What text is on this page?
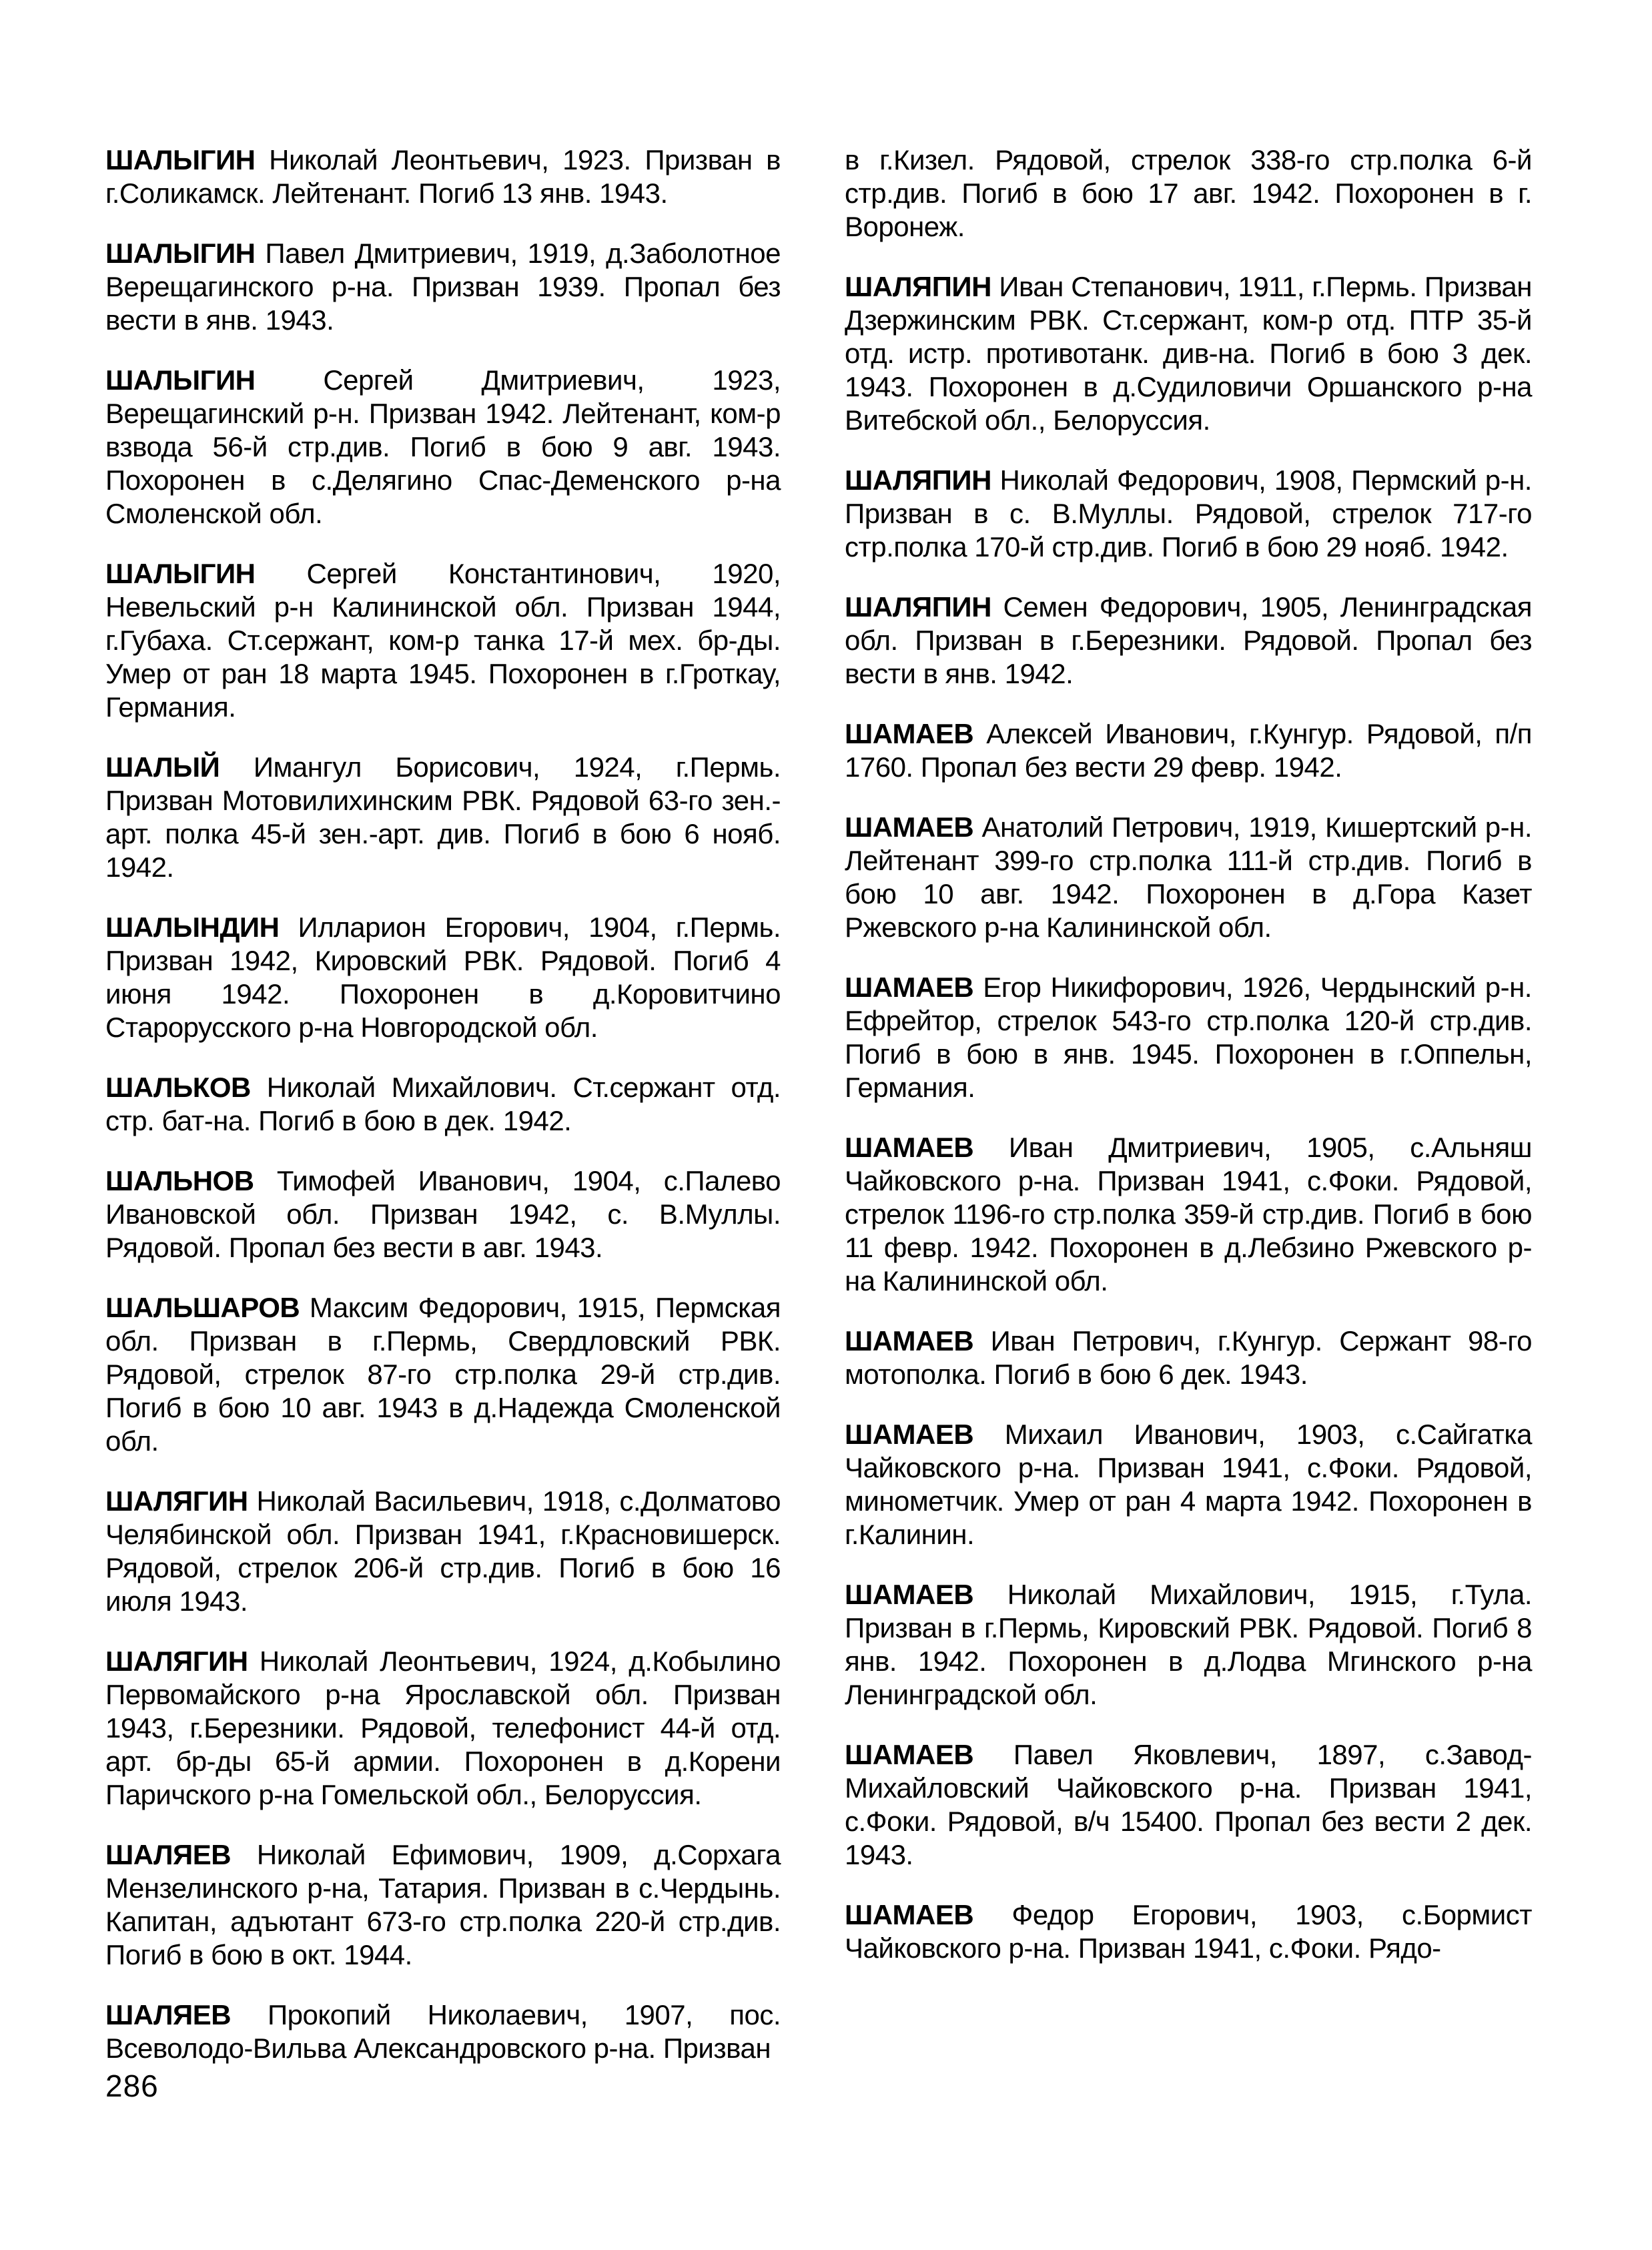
ШАЛЫГИН Николай Леонтьевич, 1923. Призван в г.Соликамск. Лейтенант. Погиб 13 янв. 1943.

ШАЛЫГИН Павел Дмитриевич, 1919, д.Заболотное Верещагинского р-на. Призван 1939. Пропал без вести в янв. 1943.

ШАЛЫГИН Сергей Дмитриевич, 1923, Верещагинский р-н. Призван 1942. Лейтенант, ком-р взвода 56-й стр.див. Погиб в бою 9 авг. 1943. Похоронен в с.Делягино Спас-Деменского р-на Смоленской обл.

ШАЛЫГИН Сергей Константинович, 1920, Невельский р-н Калининской обл. Призван 1944, г.Губаха. Ст.сержант, ком-р танка 17-й мех. бр-ды. Умер от ран 18 марта 1945. Похоронен в г.Гроткау, Германия.

ШАЛЫЙ Имангул Борисович, 1924, г.Пермь. Призван Мотовилихинским РВК. Рядовой 63-го зен.-арт. полка 45-й зен.-арт. див. Погиб в бою 6 нояб. 1942.

ШАЛЫНДИН Илларион Егорович, 1904, г.Пермь. Призван 1942, Кировский РВК. Рядовой. Погиб 4 июня 1942. Похоронен в д.Коровитчино Старорусского р-на Новгородской обл.

ШАЛЬКОВ Николай Михайлович. Ст.сержант отд. стр. бат-на. Погиб в бою в дек. 1942.

ШАЛЬНОВ Тимофей Иванович, 1904, с.Палево Ивановской обл. Призван 1942, с. В.Муллы. Рядовой. Пропал без вести в авг. 1943.

ШАЛЬШАРОВ Максим Федорович, 1915, Пермская обл. Призван в г.Пермь, Свердловский РВК. Рядовой, стрелок 87-го стр.полка 29-й стр.див. Погиб в бою 10 авг. 1943 в д.Надежда Смоленской обл.

ШАЛЯГИН Николай Васильевич, 1918, с.Долматово Челябинской обл. Призван 1941, г.Красновишерск. Рядовой, стрелок 206-й стр.див. Погиб в бою 16 июля 1943.

ШАЛЯГИН Николай Леонтьевич, 1924, д.Кобылино Первомайского р-на Ярославской обл. Призван 1943, г.Березники. Рядовой, телефонист 44-й отд. арт. бр-ды 65-й армии. Похоронен в д.Корени Паричского р-на Гомельской обл., Белоруссия.

ШАЛЯЕВ Николай Ефимович, 1909, д.Сорхага Мензелинского р-на, Татария. Призван в с.Чердынь. Капитан, адъютант 673-го стр.полка 220-й стр.див. Погиб в бою в окт. 1944.

ШАЛЯЕВ Прокопий Николаевич, 1907, пос. Всеволодо-Вильва Александровского р-на. Призван

в г.Кизел. Рядовой, стрелок 338-го стр.полка 6-й стр.див. Погиб в бою 17 авг. 1942. Похоронен в г. Воронеж.

ШАЛЯПИН Иван Степанович, 1911, г.Пермь. Призван Дзержинским РВК. Ст.сержант, ком-р отд. ПТР 35-й отд. истр. противотанк. див-на. Погиб в бою 3 дек. 1943. Похоронен в д.Судиловичи Оршанского р-на Витебской обл., Белоруссия.

ШАЛЯПИН Николай Федорович, 1908, Пермский р-н. Призван в с. В.Муллы. Рядовой, стрелок 717-го стр.полка 170-й стр.див. Погиб в бою 29 нояб. 1942.

ШАЛЯПИН Семен Федорович, 1905, Ленинградская обл. Призван в г.Березники. Рядовой. Пропал без вести в янв. 1942.

ШАМАЕВ Алексей Иванович, г.Кунгур. Рядовой, п/п 1760. Пропал без вести 29 февр. 1942.

ШАМАЕВ Анатолий Петрович, 1919, Кишертский р-н. Лейтенант 399-го стр.полка 111-й стр.див. Погиб в бою 10 авг. 1942. Похоронен в д.Гора Казет Ржевского р-на Калининской обл.

ШАМАЕВ Егор Никифорович, 1926, Чердынский р-н. Ефрейтор, стрелок 543-го стр.полка 120-й стр.див. Погиб в бою в янв. 1945. Похоронен в г.Оппельн, Германия.

ШАМАЕВ Иван Дмитриевич, 1905, с.Альняш Чайковского р-на. Призван 1941, с.Фоки. Рядовой, стрелок 1196-го стр.полка 359-й стр.див. Погиб в бою 11 февр. 1942. Похоронен в д.Лебзино Ржевского р-на Калининской обл.

ШАМАЕВ Иван Петрович, г.Кунгур. Сержант 98-го мотополка. Погиб в бою 6 дек. 1943.

ШАМАЕВ Михаил Иванович, 1903, с.Сайгатка Чайковского р-на. Призван 1941, с.Фоки. Рядовой, минометчик. Умер от ран 4 марта 1942. Похоронен в г.Калинин.

ШАМАЕВ Николай Михайлович, 1915, г.Тула. Призван в г.Пермь, Кировский РВК. Рядовой. Погиб 8 янв. 1942. Похоронен в д.Лодва Мгинского р-на Ленинградской обл.

ШАМАЕВ Павел Яковлевич, 1897, с.Завод-Михайловский Чайковского р-на. Призван 1941, с.Фоки. Рядовой, в/ч 15400. Пропал без вести 2 дек. 1943.

ШАМАЕВ Федор Егорович, 1903, с.Бормист Чайковского р-на. Призван 1941, с.Фоки. Рядо-

286
